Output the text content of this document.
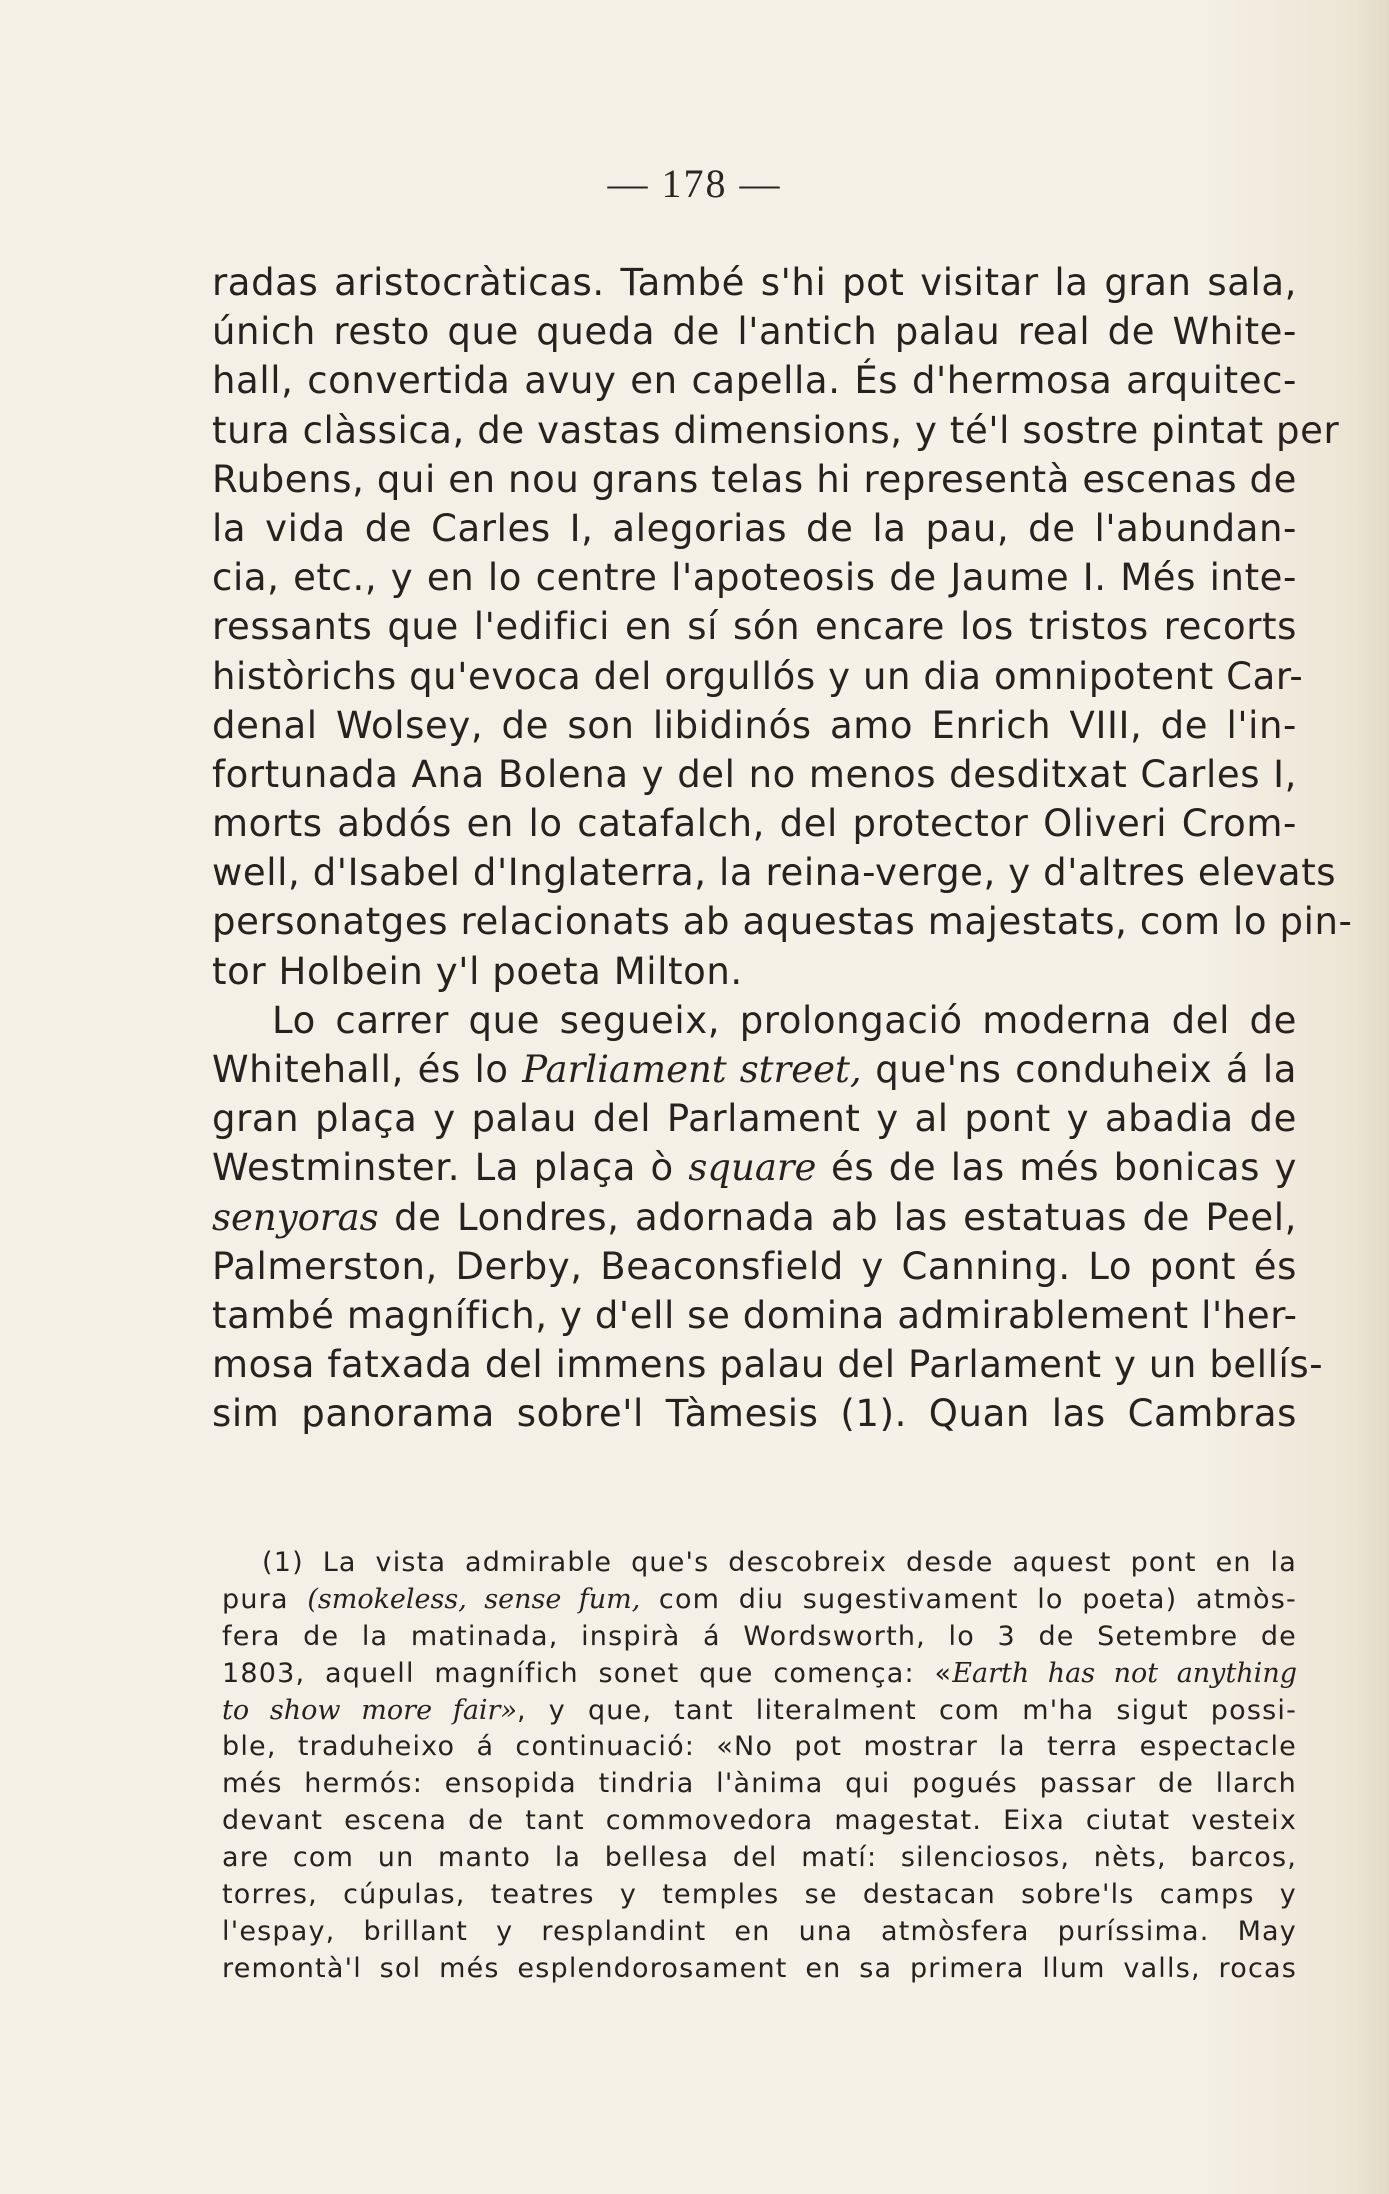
— 178 —
radas aristocràticas. També s'hi pot visitar la gran sala,
únich resto que queda de l'antich palau real de White-
hall, convertida avuy en capella. És d'hermosa arquitec-
tura clàssica, de vastas dimensions, y té'l sostre pintat per
Rubens, qui en nou grans telas hi representà escenas de
la vida de Carles I, alegorias de la pau, de l'abundan-
cia, etc., y en lo centre l'apoteosis de Jaume I. Més inte-
ressants que l'edifici en sí són encare los tristos recorts
històrichs qu'evoca del orgullós y un dia omnipotent Car-
denal Wolsey, de son libidinós amo Enrich VIII, de l'in-
fortunada Ana Bolena y del no menos desditxat Carles I,
morts abdós en lo catafalch, del protector Oliveri Crom-
well, d'Isabel d'Inglaterra, la reina-verge, y d'altres elevats
personatges relacionats ab aquestas majestats, com lo pin-
tor Holbein y'l poeta Milton.
Lo carrer que segueix, prolongació moderna del de
Whitehall, és lo Parliament street, que'ns conduheix á la
gran plaça y palau del Parlament y al pont y abadia de
Westminster. La plaça ò square és de las més bonicas y
senyoras de Londres, adornada ab las estatuas de Peel,
Palmerston, Derby, Beaconsfield y Canning. Lo pont és
també magnífich, y d'ell se domina admirablement l'her-
mosa fatxada del immens palau del Parlament y un bellís-
sim panorama sobre'l Tàmesis (1). Quan las Cambras
(1) La vista admirable que's descobreix desde aquest pont en la
pura (smokeless, sense fum, com diu sugestivament lo poeta) atmòs-
fera de la matinada, inspirà á Wordsworth, lo 3 de Setembre de
1803, aquell magnífich sonet que comença: «Earth has not anything
to show more fair», y que, tant literalment com m'ha sigut possi-
ble, traduheixo á continuació: «No pot mostrar la terra espectacle
més hermós: ensopida tindria l'ànima qui pogués passar de llarch
devant escena de tant commovedora magestat. Eixa ciutat vesteix
are com un manto la bellesa del matí: silenciosos, nèts, barcos,
torres, cúpulas, teatres y temples se destacan sobre'ls camps y
l'espay, brillant y resplandint en una atmòsfera puríssima. May
remontà'l sol més esplendorosament en sa primera llum valls, rocas
